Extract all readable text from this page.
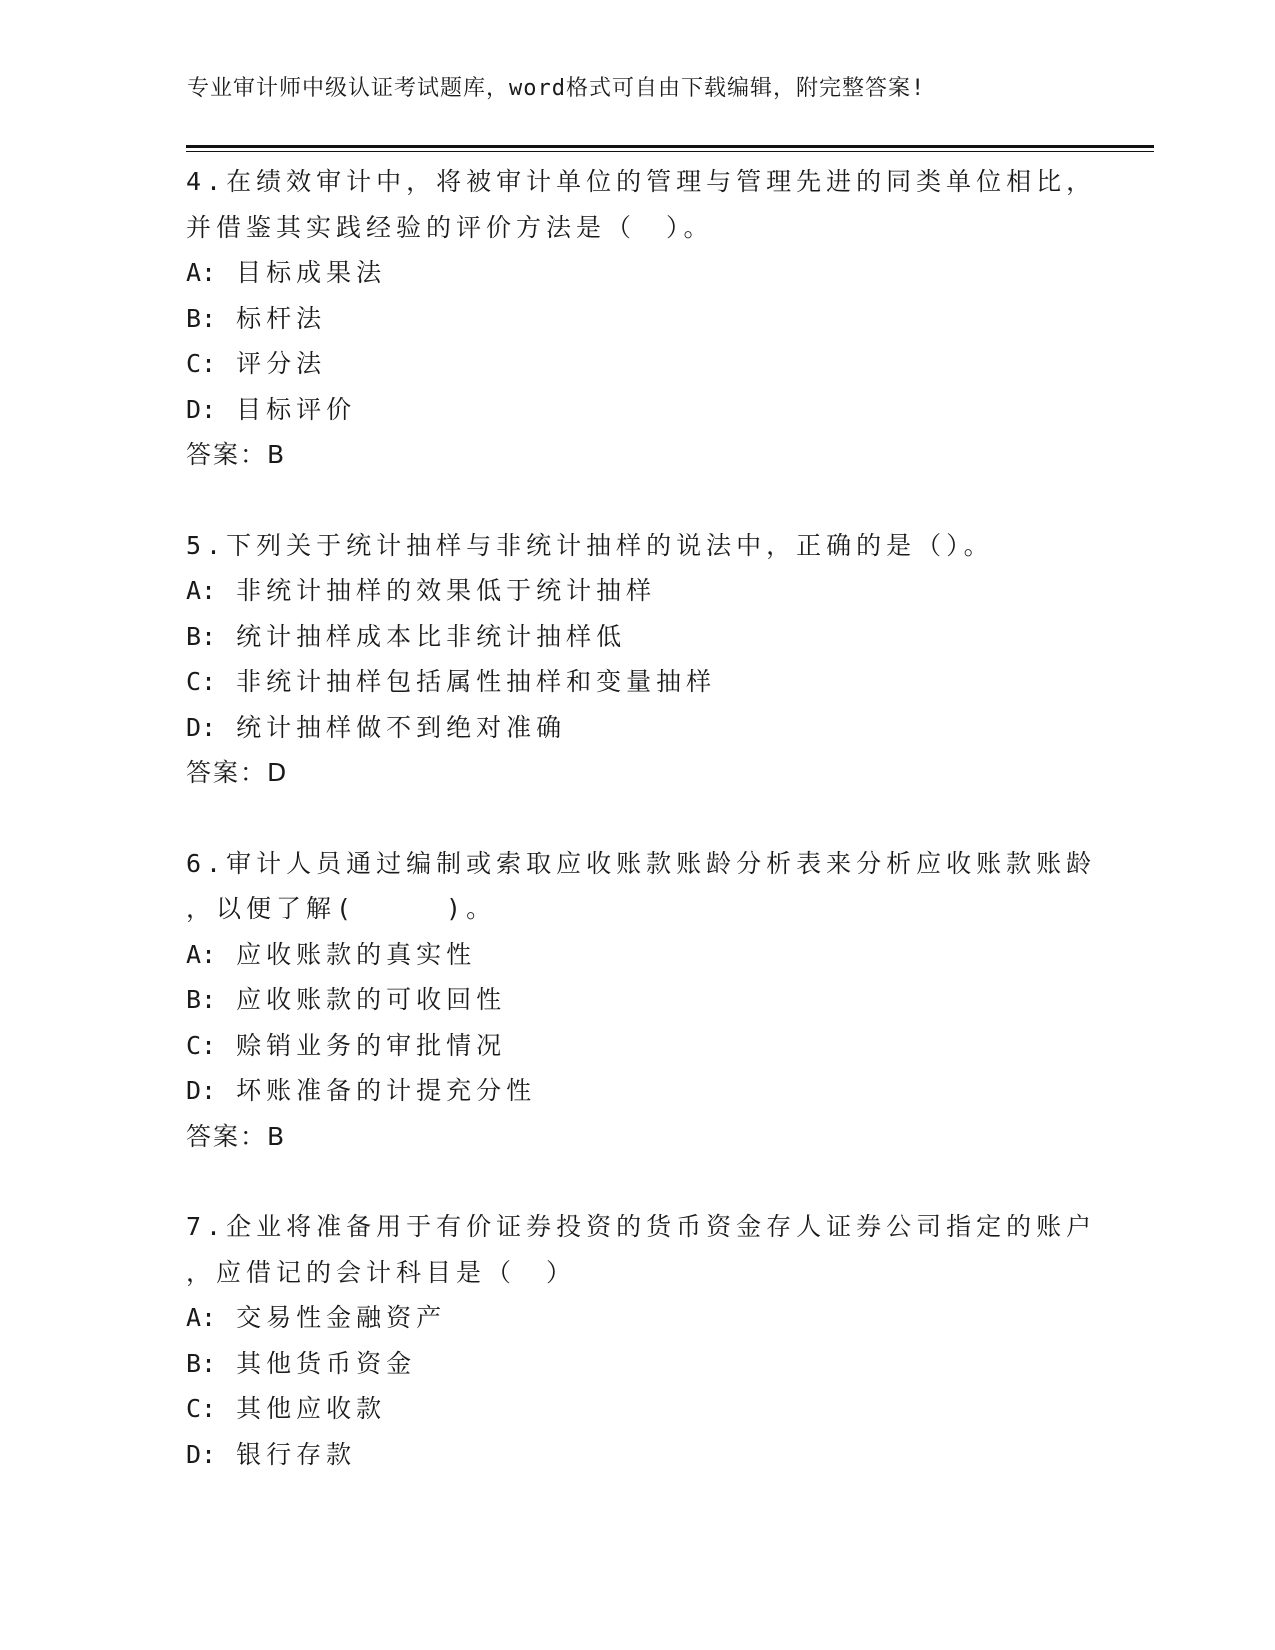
专业审计师中级认证考试题库，word格式可自由下载编辑，附完整答案!
4.在绩效审计中，将被审计单位的管理与管理先进的同类单位相比，
并借鉴其实践经验的评价方法是（　）。
A: 目标成果法
B: 标杆法
C: 评分法
D: 目标评价
答案：B
5.下列关于统计抽样与非统计抽样的说法中，正确的是（）。
A: 非统计抽样的效果低于统计抽样
B: 统计抽样成本比非统计抽样低
C: 非统计抽样包括属性抽样和变量抽样
D: 统计抽样做不到绝对准确
答案：D
6.审计人员通过编制或索取应收账款账龄分析表来分析应收账款账龄
，以便了解(　　　)。
A: 应收账款的真实性
B: 应收账款的可收回性
C: 赊销业务的审批情况
D: 坏账准备的计提充分性
答案：B
7.企业将准备用于有价证券投资的货币资金存人证券公司指定的账户
，应借记的会计科目是（　）
A: 交易性金融资产
B: 其他货币资金
C: 其他应收款
D: 银行存款
